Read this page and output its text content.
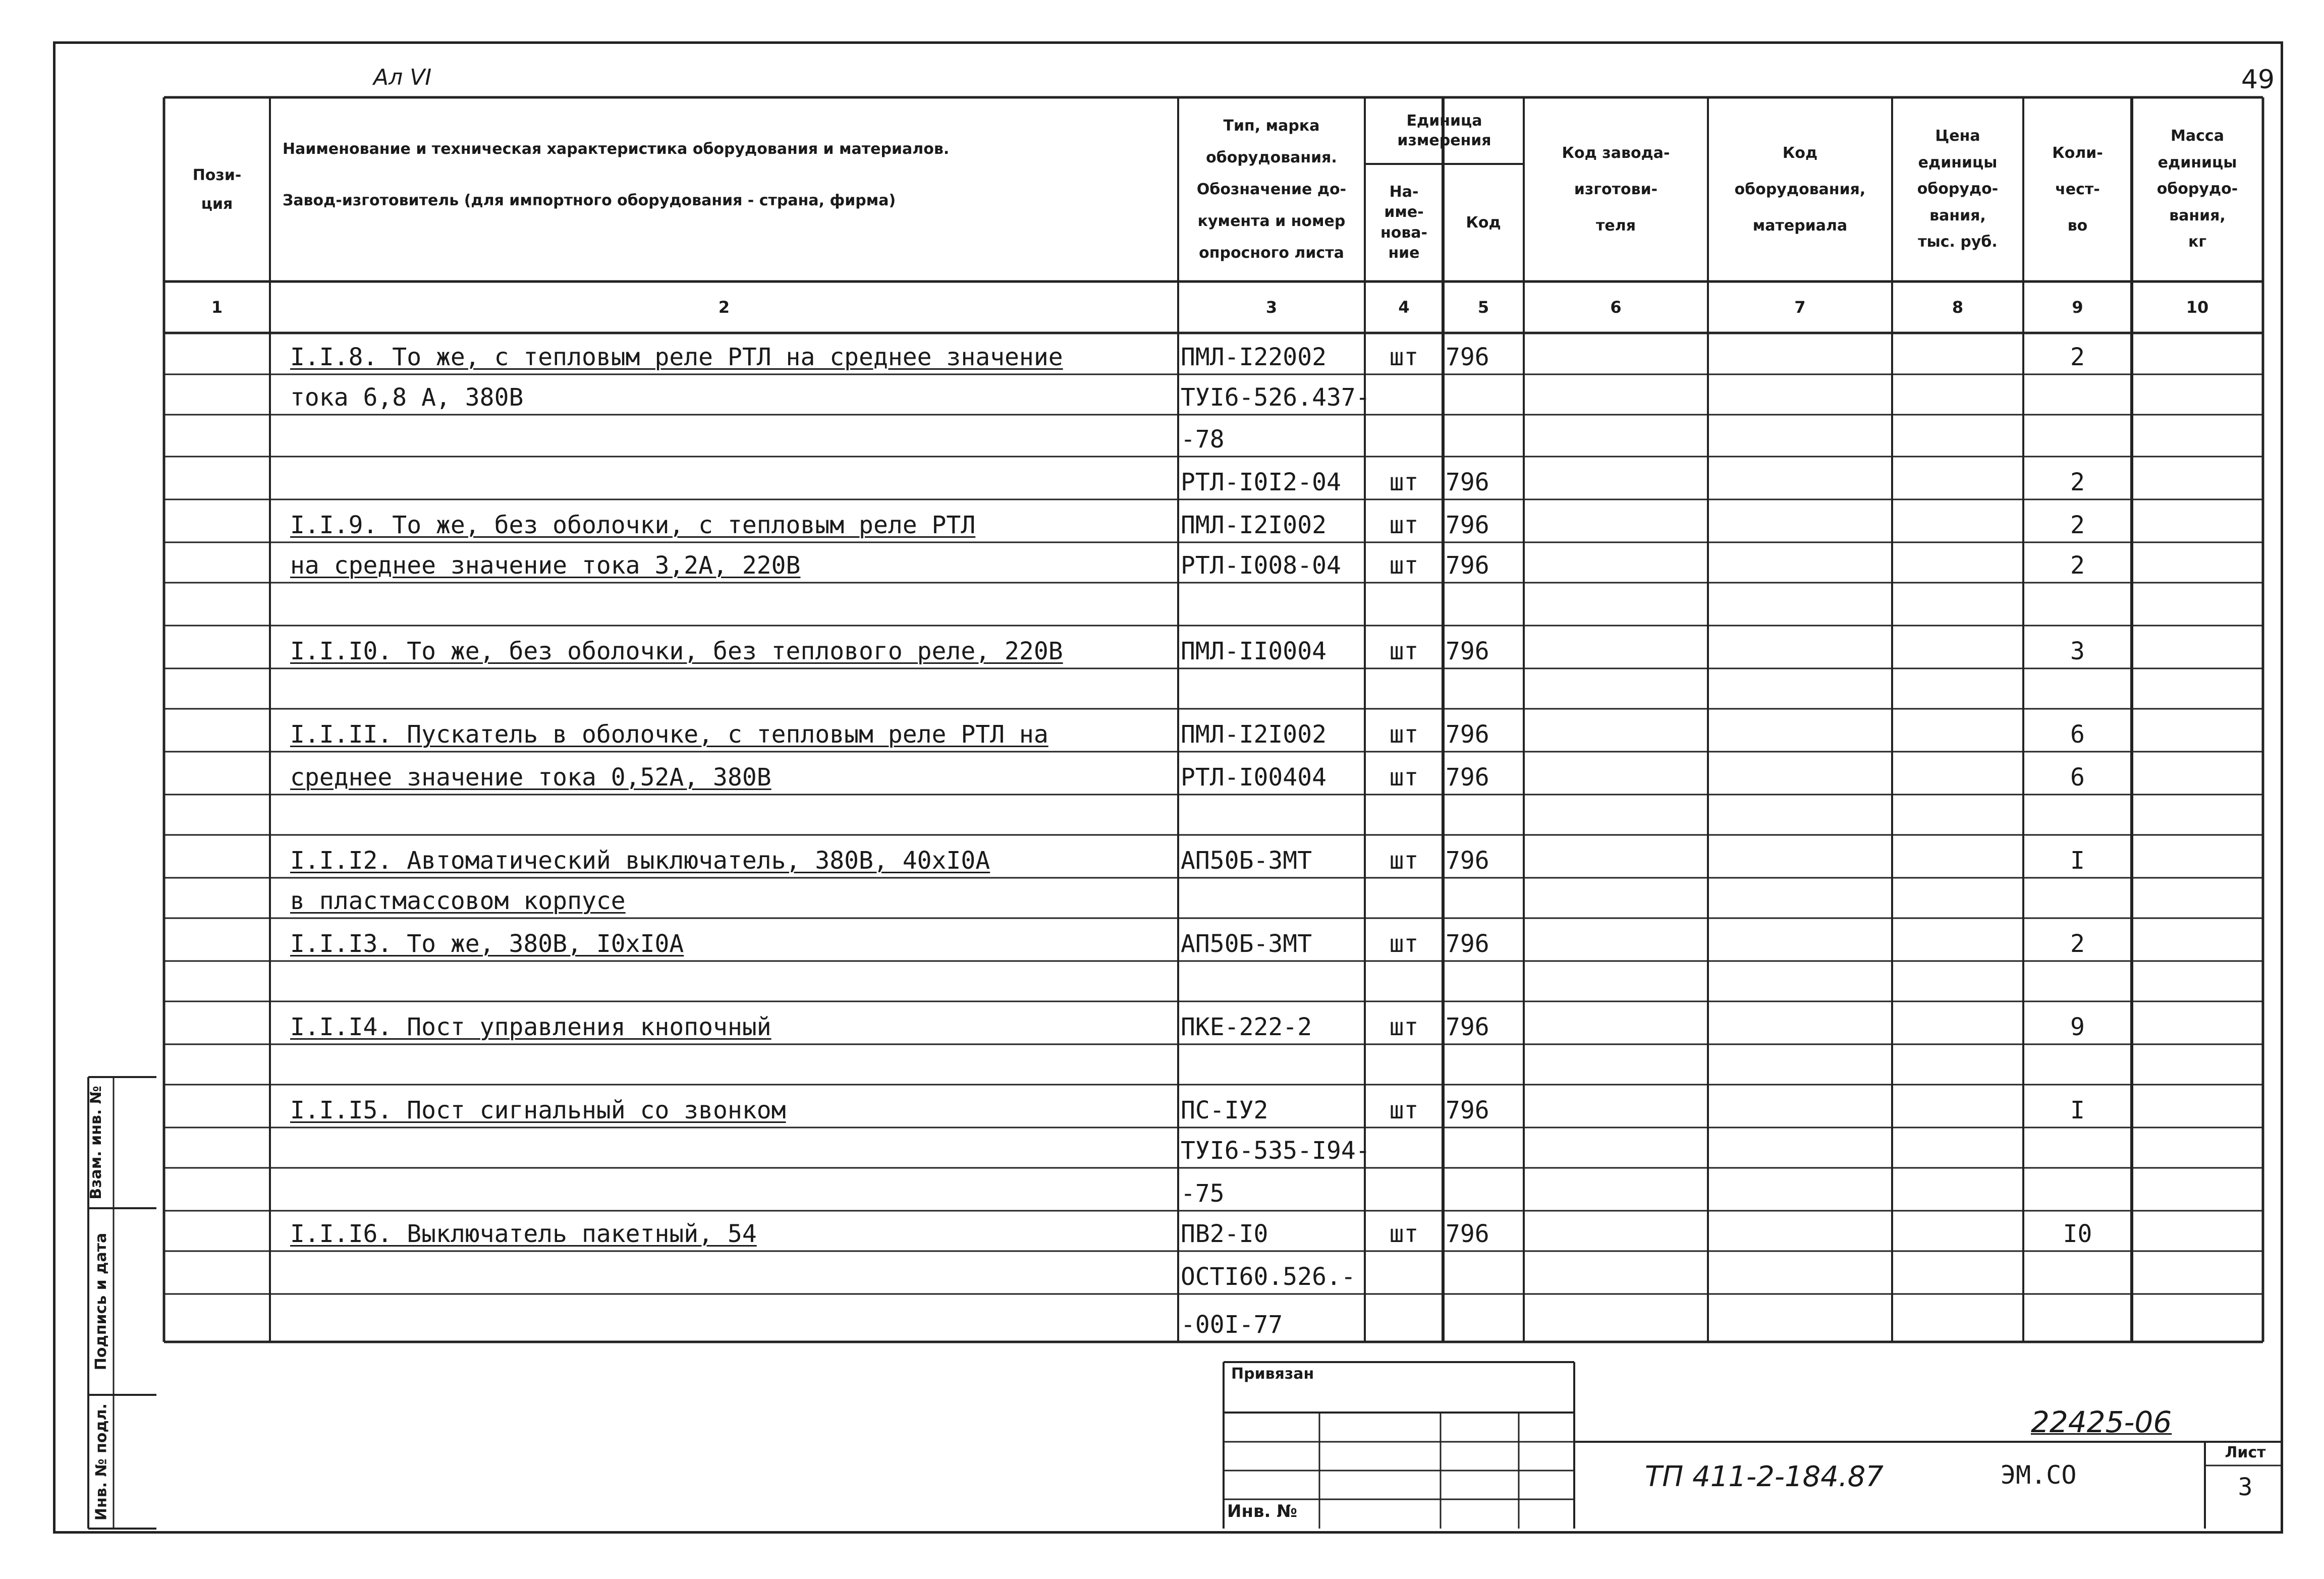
49
Ал VI
Пози-
ция
Наименование и техническая характеристика оборудования и материалов.
Завод-изготовитель (для импортного оборудования - страна, фирма)
Тип, марка
оборудования.
Обозначение до-
кумента и номер
опросного листа
Единица
измерения
На-
име-
нова-
ние
Код
Код завода-
изготови-
теля
Код
оборудования,
материала
Цена
единицы
оборудо-
вания,
тыс. руб.
Коли-
чест-
во
Масса
единицы
оборудо-
вания,
кг
1	2	3	4	5	6	7	8	9	10
I.I.8. То же, с тепловым реле РТЛ на среднее значение	ПМЛ-I22002	шт	796	2
тока 6,8 А, 380В	ТУI6-526.437-
-78
РТЛ-I0I2-04	шт	796	2
I.I.9. То же, без оболочки, с тепловым реле РТЛ	ПМЛ-I2I002	шт	796	2
на среднее значение тока 3,2А, 220В	РТЛ-I008-04	шт	796	2
I.I.I0. То же, без оболочки, без теплового реле, 220В	ПМЛ-II0004	шт	796	3
I.I.II. Пускатель в оболочке, с тепловым реле РТЛ на	ПМЛ-I2I002	шт	796	6
среднее значение тока 0,52А, 380В	РТЛ-I00404	шт	796	6
I.I.I2. Автоматический выключатель, 380В, 40хI0А	АП50Б-3МТ	шт	796	I
в пластмассовом корпусе
I.I.I3. То же, 380В, I0хI0А	АП50Б-3МТ	шт	796	2
I.I.I4. Пост управления кнопочный	ПКЕ-222-2	шт	796	9
I.I.I5. Пост сигнальный со звонком	ПС-IУ2	шт	796	I
ТУI6-535-I94-
-75
I.I.I6. Выключатель пакетный, 54	ПВ2-I0	шт	796	I0
ОСТI60.526.-
-00I-77
Привязан
Инв. №
22425-06
ТП 411-2-184.87	ЭМ.СО
Лист
3
Взам. инв. №
Подпись и дата
Инв. № подл.
